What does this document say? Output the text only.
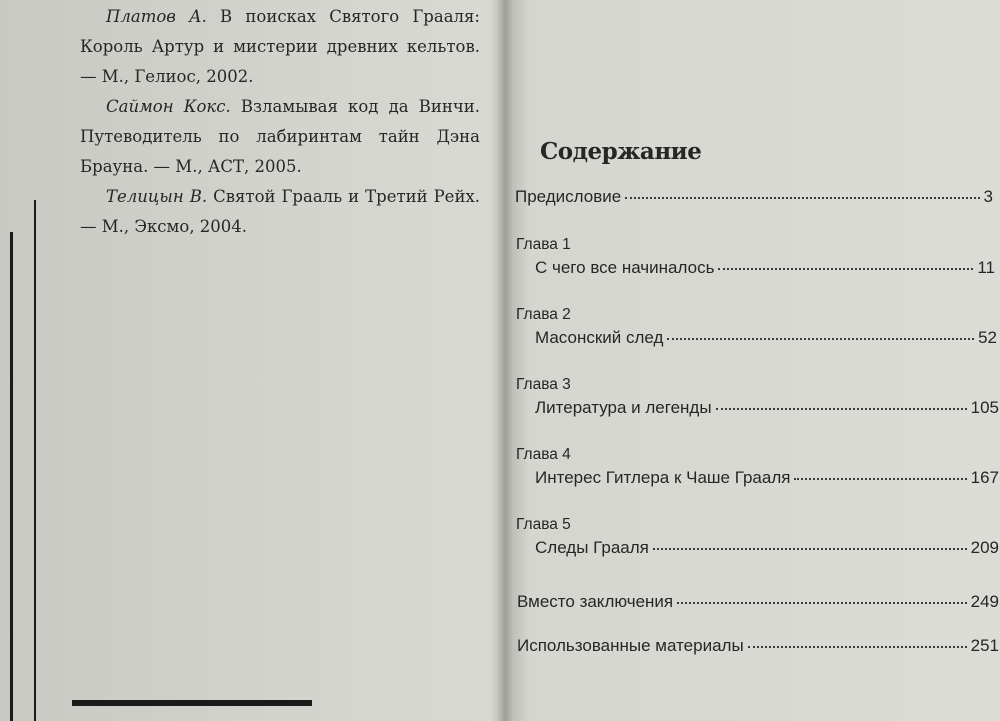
Платов А. В поисках Святого Грааля: Король Артур и мистерии древних кельтов. — М., Гелиос, 2002.

Саймон Кокс. Взламывая код да Винчи. Путеводитель по лабиринтам тайн Дэна Брауна. — М., АСТ, 2005.

Телицын В. Святой Грааль и Третий Рейх. — М., Эксмо, 2004.

Содержание
Предисловие	3
Глава 1
С чего все начиналось	11
Глава 2
Масонский след	52
Глава 3
Литература и легенды	105
Глава 4
Интерес Гитлера к Чаше Грааля	167
Глава 5
Следы Грааля	209
Вместо заключения	249
Использованные материалы	251
